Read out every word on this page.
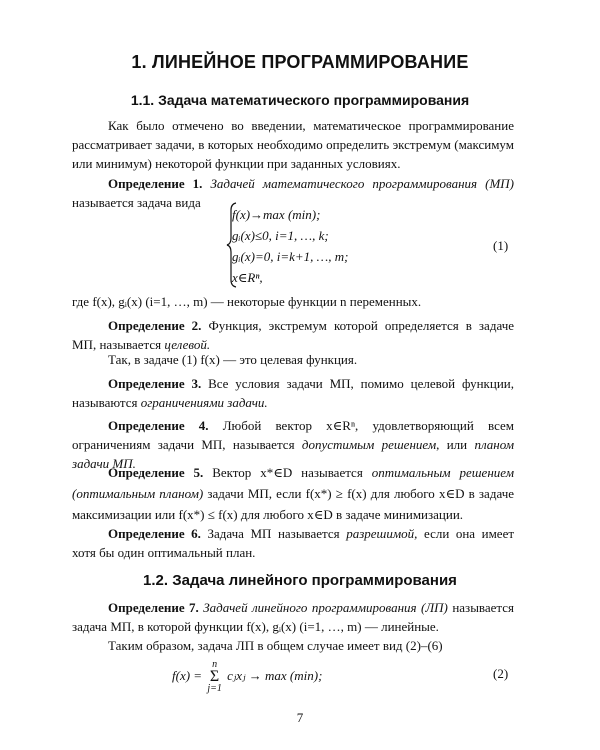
1. ЛИНЕЙНОЕ ПРОГРАММИРОВАНИЕ
1.1. Задача математического программирования
Как было отмечено во введении, математическое программирование рассматривает задачи, в которых необходимо определить экстремум (максимум или минимум) некоторой функции при заданных условиях.
Определение 1. Задачей математического программирования (МП) называется задача вида
f(x)→max (min);
gᵢ(x)≤0, i=1, …, k;
gᵢ(x)=0, i=k+1, …, m;
x∈Rⁿ,
(1)
где f(x), gᵢ(x) (i=1, …, m) — некоторые функции n переменных.
Определение 2. Функция, экстремум которой определяется в задаче МП, называется целевой.
Так, в задаче (1) f(x) — это целевая функция.
Определение 3. Все условия задачи МП, помимо целевой функции, называются ограничениями задачи.
Определение 4. Любой вектор x∈Rⁿ, удовлетворяющий всем ограничениям задачи МП, называется допустимым решением, или планом задачи МП.
Определение 5. Вектор x*∈D называется оптимальным решением (оптимальным планом) задачи МП, если f(x*) ≥ f(x) для любого x∈D в задаче максимизации или f(x*) ≤ f(x) для любого x∈D в задаче минимизации.
Определение 6. Задача МП называется разрешимой, если она имеет хотя бы один оптимальный план.
1.2. Задача линейного программирования
Определение 7. Задачей линейного программирования (ЛП) называется задача МП, в которой функции f(x), gᵢ(x) (i=1, …, m) — линейные.
Таким образом, задача ЛП в общем случае имеет вид (2)–(6)
f(x) =
n
Σ
j=1
cⱼxⱼ → max (min);	(2)
7
